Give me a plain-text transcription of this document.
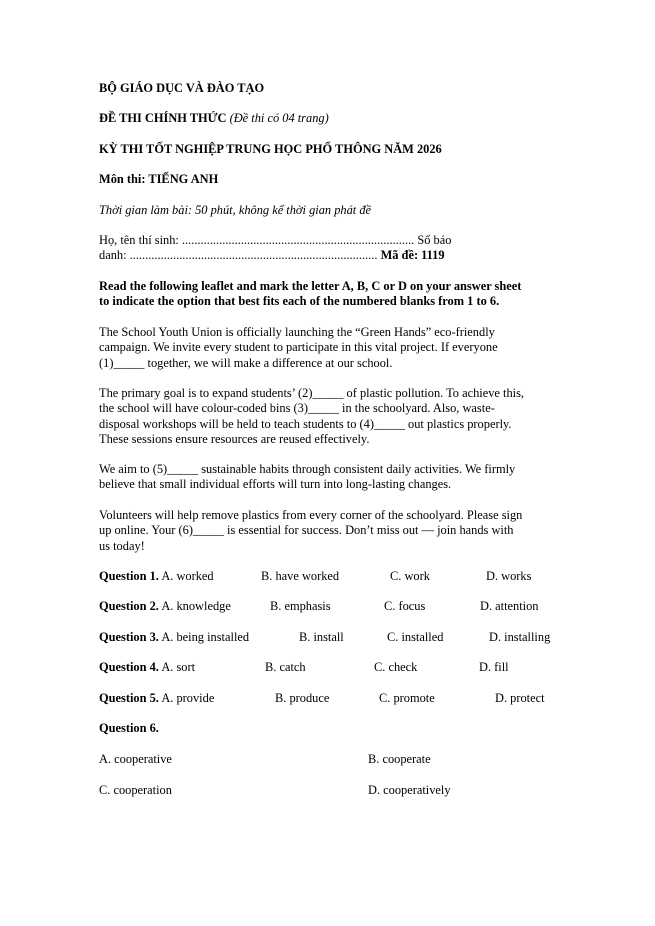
BỘ GIÁO DỤC VÀ ĐÀO TẠO
ĐỀ THI CHÍNH THỨC (Đề thi có 04 trang)
KỲ THI TỐT NGHIỆP TRUNG HỌC PHỔ THÔNG NĂM 2026
Môn thi: TIẾNG ANH
Thời gian làm bài: 50 phút, không kể thời gian phát đề
Họ, tên thí sinh: ........................................................................... Số báo
danh: ................................................................................ Mã đề: 1119
Read the following leaflet and mark the letter A, B, C or D on your answer sheet
to indicate the option that best fits each of the numbered blanks from 1 to 6.
The School Youth Union is officially launching the “Green Hands” eco-friendly
campaign. We invite every student to participate in this vital project. If everyone
(1)_____ together, we will make a difference at our school.
The primary goal is to expand students’ (2)_____ of plastic pollution. To achieve this,
the school will have colour-coded bins (3)_____ in the schoolyard. Also, waste-
disposal workshops will be held to teach students to (4)_____ out plastics properly.
These sessions ensure resources are reused effectively.
We aim to (5)_____ sustainable habits through consistent daily activities. We firmly
believe that small individual efforts will turn into long-lasting changes.
Volunteers will help remove plastics from every corner of the schoolyard. Please sign
up online. Your (6)_____ is essential for success. Don’t miss out — join hands with
us today!
Question 1. A. worked	B. have worked	C. work	D. works
Question 2. A. knowledge	B. emphasis	C. focus	D. attention
Question 3. A. being installed	B. install	C. installed	D. installing
Question 4. A. sort	B. catch	C. check	D. fill
Question 5. A. provide	B. produce	C. promote	D. protect
Question 6.
A. cooperative	B. cooperate
C. cooperation	D. cooperatively
